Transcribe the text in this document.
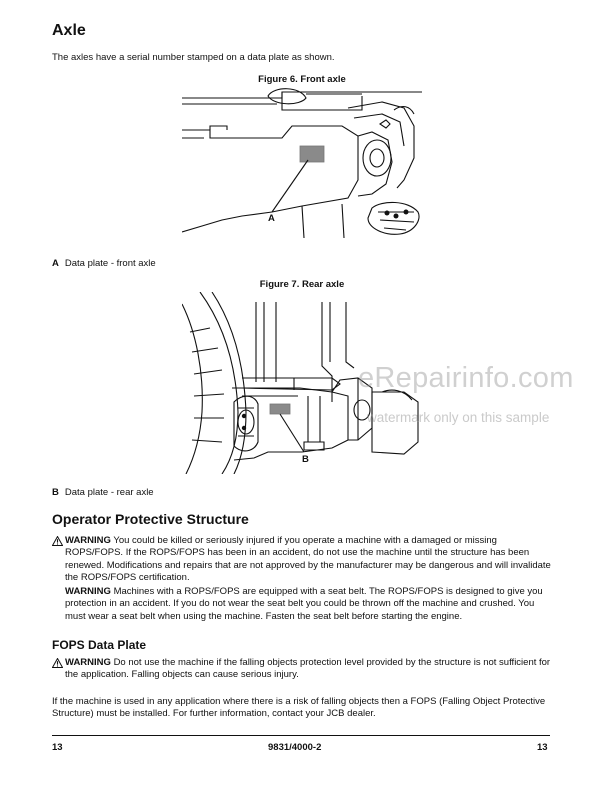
Axle

The axles have a serial number stamped on a data plate as shown.

Figure 6. Front axle

A

A Data plate - front axle

Figure 7. Rear axle

B

B Data plate - rear axle

eRepairinfo.com
watermark only on this sample
Operator Protective Structure
WARNING You could be killed or seriously injured if you operate a machine with a damaged or missing ROPS/FOPS. If the ROPS/FOPS has been in an accident, do not use the machine until the structure has been renewed. Modifications and repairs that are not approved by the manufacturer may be dangerous and will invalidate the ROPS/FOPS certification.
WARNING Machines with a ROPS/FOPS are equipped with a seat belt. The ROPS/FOPS is designed to give you protection in an accident. If you do not wear the seat belt you could be thrown off the machine and crushed. You must wear a seat belt when using the machine. Fasten the seat belt before starting the engine.
FOPS Data Plate
WARNING Do not use the machine if the falling objects protection level provided by the structure is not sufficient for the application. Falling objects can cause serious injury.

If the machine is used in any application where there is a risk of falling objects then a FOPS (Falling Object Protective Structure) must be installed. For further information, contact your JCB dealer.

13	9831/4000-2	13
